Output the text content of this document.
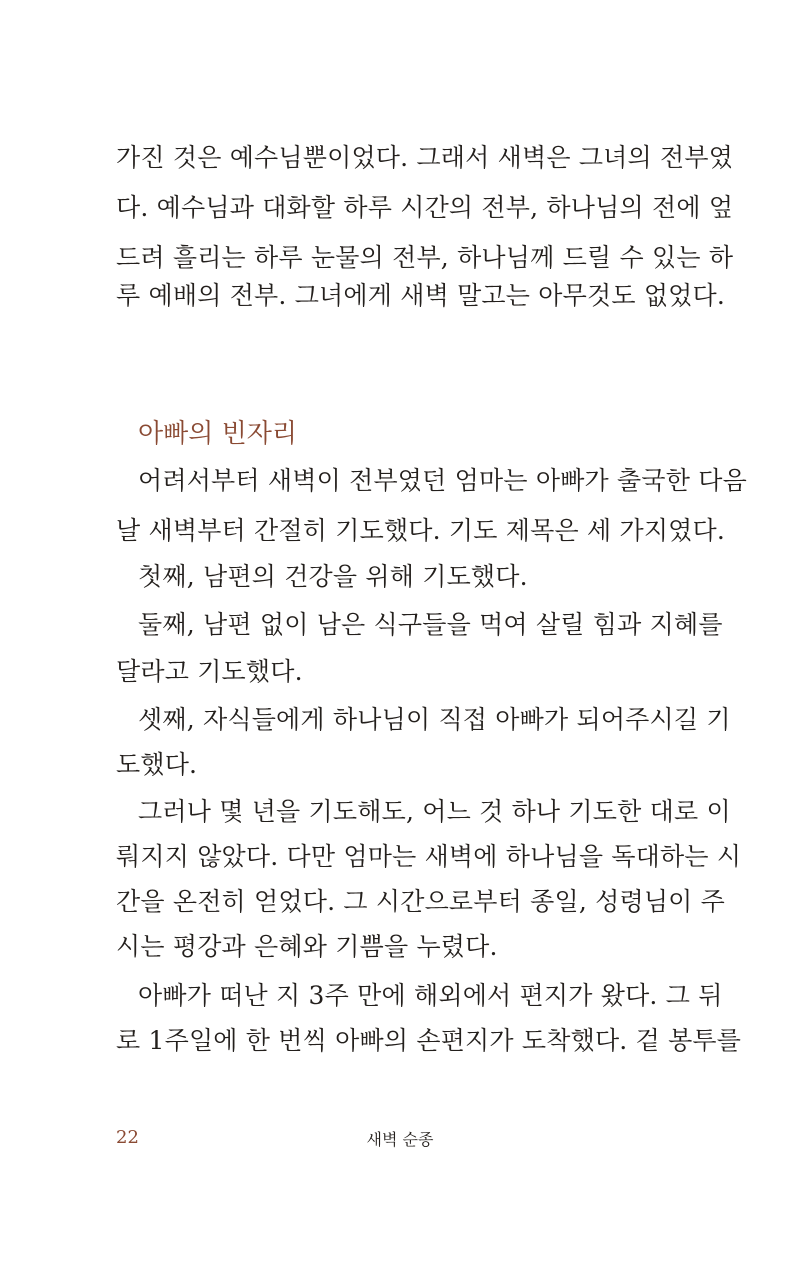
가진 것은 예수님뿐이었다. 그래서 새벽은 그녀의 전부였
다. 예수님과 대화할 하루 시간의 전부, 하나님의 전에 엎
드려 흘리는 하루 눈물의 전부, 하나님께 드릴 수 있는 하
루 예배의 전부. 그녀에게 새벽 말고는 아무것도 없었다.
어려서부터 새벽이 전부였던 엄마는 아빠가 출국한 다음
날 새벽부터 간절히 기도했다. 기도 제목은 세 가지였다.
첫째, 남편의 건강을 위해 기도했다.
둘째, 남편 없이 남은 식구들을 먹여 살릴 힘과 지혜를
달라고 기도했다.
셋째, 자식들에게 하나님이 직접 아빠가 되어주시길 기
도했다.
그러나 몇 년을 기도해도, 어느 것 하나 기도한 대로 이
뤄지지 않았다. 다만 엄마는 새벽에 하나님을 독대하는 시
간을 온전히 얻었다. 그 시간으로부터 종일, 성령님이 주
시는 평강과 은혜와 기쁨을 누렸다.
아빠가 떠난 지 3주 만에 해외에서 편지가 왔다. 그 뒤
로 1주일에 한 번씩 아빠의 손편지가 도착했다. 겉 봉투를
아빠의 빈자리
새벽 순종
22
